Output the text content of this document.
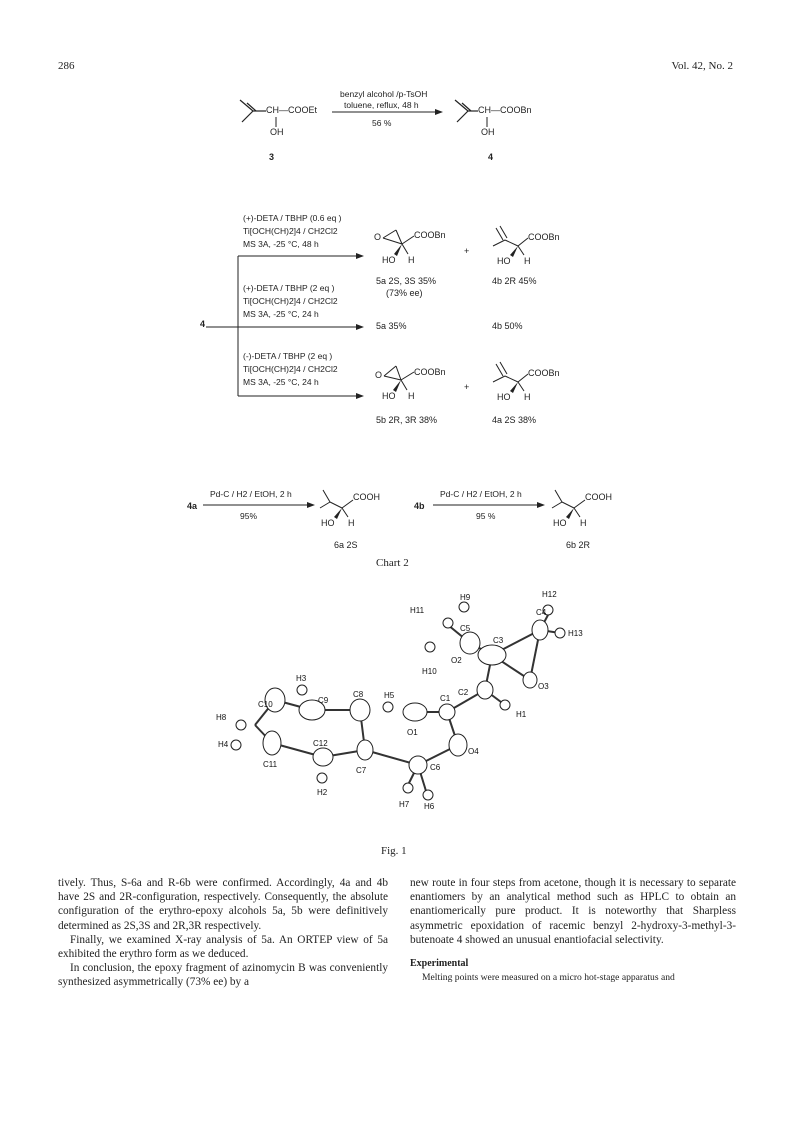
286	Vol. 42, No. 2
benzyl alcohol /p-TsOH
toluene, reflux, 48 h
56 %
CH—COOEt
OH
CH—COOBn
OH
3	4
4
(+)-DETA / TBHP (0.6 eq )
Ti[OCH(CH)2]4 / CH2Cl2
MS 3A, -25 °C, 48 h
(+)-DETA / TBHP (2 eq )
Ti[OCH(CH)2]4 / CH2Cl2
MS 3A, -25 °C, 24 h
(-)-DETA / TBHP (2 eq )
Ti[OCH(CH)2]4 / CH2Cl2
MS 3A, -25 °C, 24 h
O	COOBn
HO H
+
COOBn
HO H
5a 2S, 3S 35%
(73% ee)
4b 2R 45%
5a 35%	4b 50%
O	COOBn
HO H
+
COOBn
HO H
5b 2R, 3R 38%	4a 2S 38%
4a
Pd-C / H2 / EtOH, 2 h
95%
COOH
HO H
6a 2S
4b
Pd-C / H2 / EtOH, 2 h
95 %
COOH
HO H
6b 2R
Chart 2
H9	H12
H11
C5
C4
H13
C3
O2
H10
O3
C2
H1
C1
H3
C9
H8
C10
C8	H5
O4
O1
H4	C12
C11
C7	C6
H2
H7 H6
Fig. 1

tively. Thus, S-6a and R-6b were confirmed. Accordingly, 4a and 4b have 2S and 2R-configuration, respectively. Consequently, the absolute configuration of the erythro-epoxy alcohols 5a, 5b were definitively determined as 2S,3S and 2R,3R respectively.

Finally, we examined X-ray analysis of 5a. An ORTEP view of 5a exhibited the erythro form as we deduced.

In conclusion, the epoxy fragment of azinomycin B was conveniently synthesized asymmetrically (73% ee) by a

new route in four steps from acetone, though it is necessary to separate enantiomers by an analytical method such as HPLC to obtain an enantiomerically pure product. It is noteworthy that Sharpless asymmetric epoxidation of racemic benzyl 2-hydroxy-3-methyl-3-butenoate 4 showed an unusual enantiofacial selectivity.

Experimental

Melting points were measured on a micro hot-stage apparatus and
